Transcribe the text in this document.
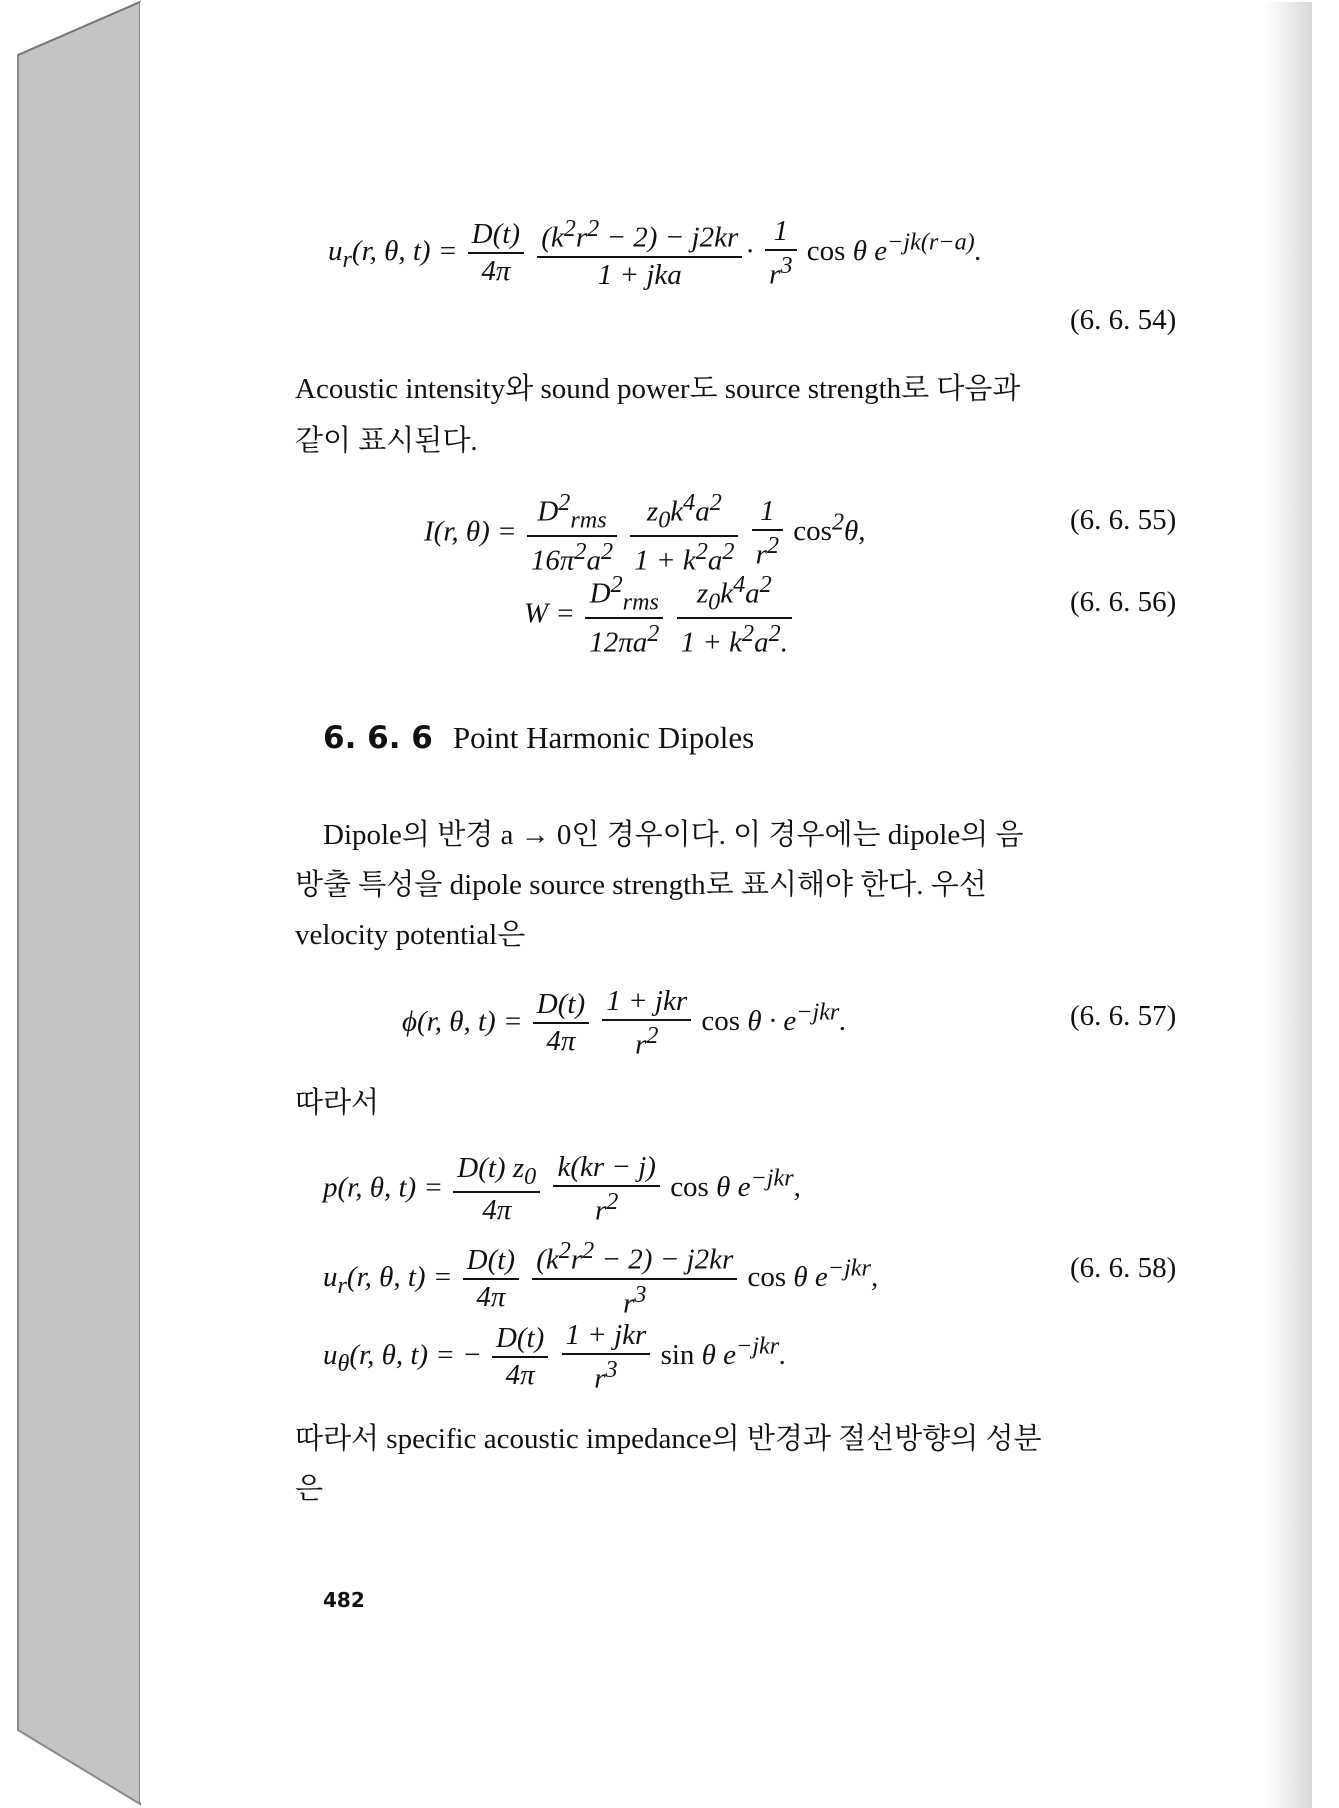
$u_r(r$, θ, $t) = \frac{D(t)}{4\pi}$
$\frac{(k^2r^2 - 2) - j2kr}{\text{1 + jka}} \cdot \frac{1}{r^3}$ cos θ $e^{-jk(r-a)}$.
(6. 6. 54)
Acoustic intensity와 sound power도 source strength로 다음과
같이 표시된다.
I(r, $\theta) = \frac{D^2_{rms}}{16\pi^2a^2}$
$\frac{z_0k^4a^2}{1 + k^2a^2}$
$\frac{1}{r^2} \cos^2\theta$,	(6. 6. 55)
$W = \frac{D^2_{rms}}{12\pi a^2}$
$\frac{z_0k^4a^2}{1 + k^2a^2.}$	(6. 6. 56)
6. 6. 6 Point Harmonic Dipoles
Dipole의 반경 a → 0인 경우이다. 이 경우에는 dipole의 음
방출 특성을 dipole source strength로 표시해야 한다. 우선
velocity potential은
ϕ(r, θ, $t) = \frac{D(t)}{4\pi}$
$\frac{\text{1 + jkr}}{r^2}$ $\cos \theta \cdot e^{-jkr}$.	(6. 6. 57)
따라서
p(r, θ, $t) = \frac{D(t) z_0}{4\pi}$
$\frac{k(kr - j)}{r^2}$ cos θ $e^{-jkr}$,
$u_r(r$, θ, $t) = \frac{D(t)}{4\pi}$
$\frac{(k^2r^2 - 2) - j2kr}{r^3}$ cos θ $e^{-jkr}$,	(6. 6. 58)
$u_\theta(r$, θ, t) = − $\frac{D(t)}{4\pi}$
$\frac{\text{1 + jkr}}{r^3}$ sin θ $e^{-jkr}$.
따라서 specific acoustic impedance의 반경과 절선방향의 성분
은
482
